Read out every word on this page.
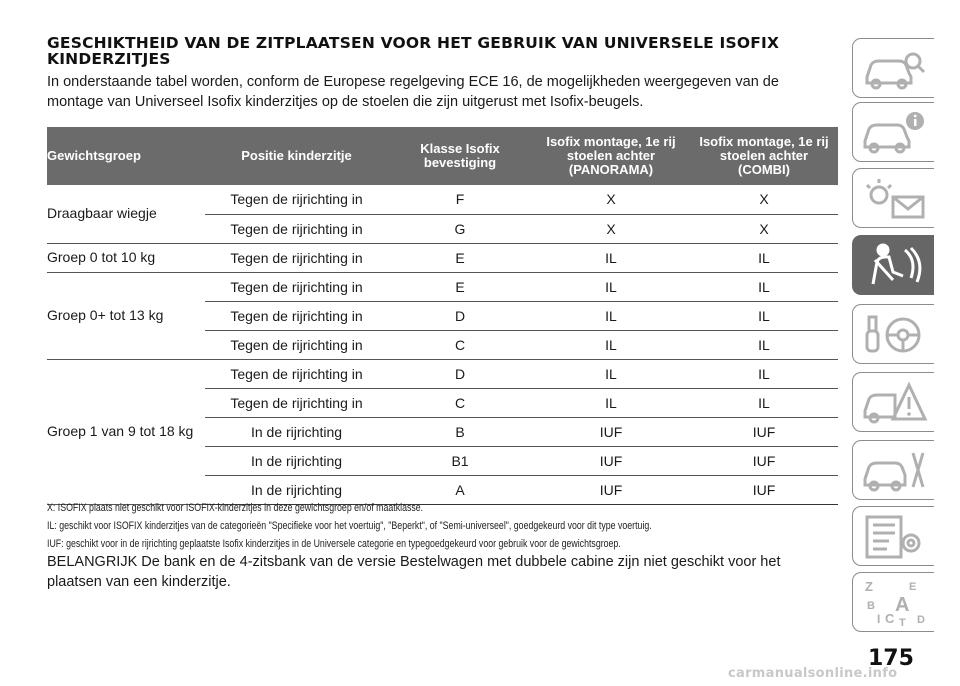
GESCHIKTHEID VAN DE ZITPLAATSEN VOOR HET GEBRUIK VAN UNIVERSELE ISOFIX KINDERZITJES

In onderstaande tabel worden, conform de Europese regelgeving ECE 16, de mogelijkheden weergegeven van de montage van Universeel Isofix kinderzitjes op de stoelen die zijn uitgerust met Isofix-beugels.

Gewichtsgroep	Positie kinderzitje	Klasse Isofix bevestiging	Isofix montage, 1e rij stoelen achter (PANORAMA)	Isofix montage, 1e rij stoelen achter (COMBI)
Draagbaar wiegje	Tegen de rijrichting in	F	X	X
	Tegen de rijrichting in	G	X	X
Groep 0 tot 10 kg	Tegen de rijrichting in	E	IL	IL
Groep 0+ tot 13 kg	Tegen de rijrichting in	E	IL	IL
	Tegen de rijrichting in	D	IL	IL
	Tegen de rijrichting in	C	IL	IL
Groep 1 van 9 tot 18 kg	Tegen de rijrichting in	D	IL	IL
	Tegen de rijrichting in	C	IL	IL
	In de rijrichting	B	IUF	IUF
	In de rijrichting	B1	IUF	IUF
	In de rijrichting	A	IUF	IUF

X: ISOFIX plaats niet geschikt voor ISOFIX-kinderzitjes in deze gewichtsgroep en/of maatklasse.

IL: geschikt voor ISOFIX kinderzitjes van de categorieën "Specifieke voor het voertuig", "Beperkt", of "Semi-universeel", goedgekeurd voor dit type voertuig.

IUF: geschikt voor in de rijrichting geplaatste Isofix kinderzitjes in de Universele categorie en typegoedgekeurd voor gebruik voor de gewichtsgroep.

BELANGRIJK De bank en de 4-zitsbank van de versie Bestelwagen met dubbele cabine zijn niet geschikt voor het plaatsen van een kinderzitje.	Z	E
B A
I C T D
175
carmanualsonline.info
